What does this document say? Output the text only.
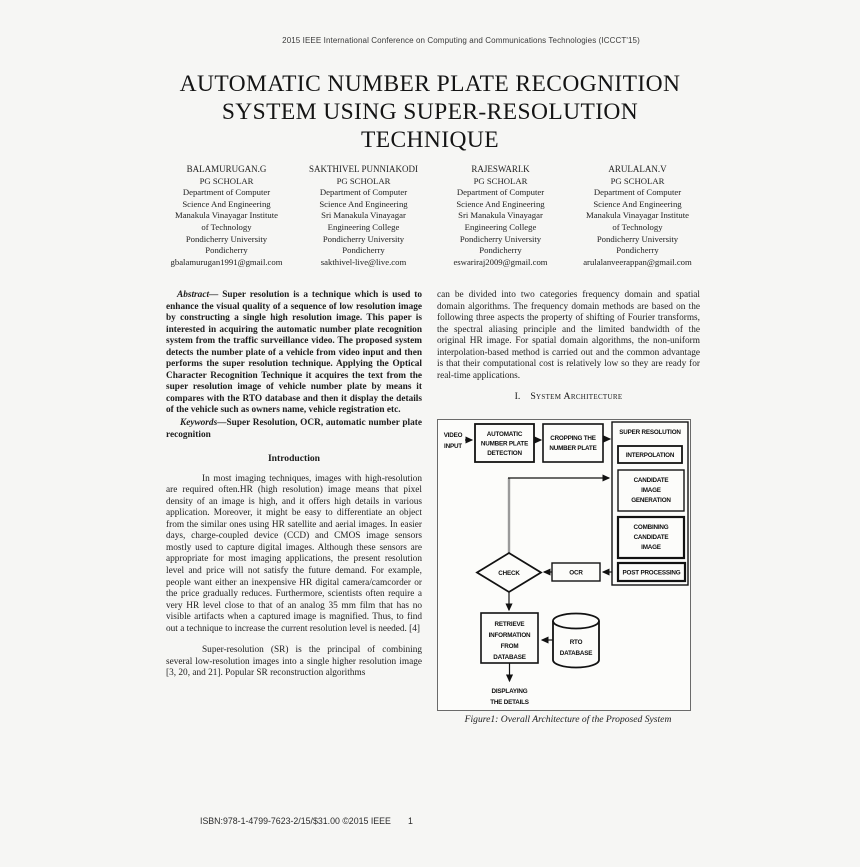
2015 IEEE International Conference on Computing and Communications Technologies (ICCCT'15)
AUTOMATIC NUMBER PLATE RECOGNITION
SYSTEM USING SUPER-RESOLUTION
TECHNIQUE
BALAMURUGAN.G
PG SCHOLAR
Department of Computer
Science And Engineering
Manakula Vinayagar Institute
of Technology
Pondicherry University
Pondicherry
gbalamurugan1991@gmail.com
SAKTHIVEL PUNNIAKODI
PG SCHOLAR
Department of Computer
Science And Engineering
Sri Manakula Vinayagar
Engineering College
Pondicherry University
Pondicherry
sakthivel-live@live.com
RAJESWARI.K
PG SCHOLAR
Department of Computer
Science And Engineering
Sri Manakula Vinayagar
Engineering College
Pondicherry University
Pondicherry
eswariraj2009@gmail.com
ARULALAN.V
PG SCHOLAR
Department of Computer
Science And Engineering
Manakula Vinayagar Institute
of Technology
Pondicherry University
Pondicherry
arulalanveerappan@gmail.com

Abstract— Super resolution is a technique which is used to enhance the visual quality of a sequence of low resolution image by constructing a single high resolution image. This paper is interested in acquiring the automatic number plate recognition system from the traffic surveillance video. The proposed system detects the number plate of a vehicle from video input and then performs the super resolution technique. Applying the Optical Character Recognition Technique it acquires the text from the super resolution image of vehicle number plate by means it compares with the RTO database and then it display the details of the vehicle such as owners name, vehicle registration etc.

Keywords—Super Resolution, OCR, automatic number plate recognition

Introduction

In most imaging techniques, images with high-resolution are required often.HR (high resolution) image means that pixel density of an image is high, and it offers high details in various application. Moreover, it might be easy to differentiate an object from the similar ones using HR satellite and aerial images. In easier days, charge-coupled device (CCD) and CMOS image sensors mostly used to capture digital images. Although these sensors are appropriate for most imaging applications, the present resolution level and price will not satisfy the future demand. For example, people want either an inexpensive HR digital camera/camcorder or the price gradually reduces. Furthermore, scientists often require a very HR level close to that of an analog 35 mm film that has no visible artifacts when a captured image is magnified. Thus, to find out a technique to increase the current resolution level is needed. [4]

Super-resolution (SR) is the principal of combining several low-resolution images into a single higher resolution image [3, 20, and 21]. Popular SR reconstruction algorithms

can be divided into two categories frequency domain and spatial domain algorithms. The frequency domain methods are based on the following three aspects the property of shifting of Fourier transforms, the spectral aliasing principle and the limited bandwidth of the original HR image. For spatial domain algorithms, the non-uniform interpolation-based method is carried out and the common advantage is that their computational cost is relatively low so they are ready for real-time applications.

I. System Architecture
VIDEO
INPUT
AUTOMATIC
NUMBER PLATE
DETECTION
CROPPING THE
NUMBER PLATE
SUPER RESOLUTION
INTERPOLATION
CANDIDATE
IMAGE
GENERATION
COMBINING
CANDIDATE
IMAGE
POST PROCESSING
OCR
CHECK
RETRIEVE
INFORMATION
FROM
DATABASE
RTO
DATABASE
DISPLAYING
THE DETAILS
Figure1: Overall Architecture of the Proposed System
ISBN:978-1-4799-7623-2/15/$31.00 ©2015 IEEE 1
